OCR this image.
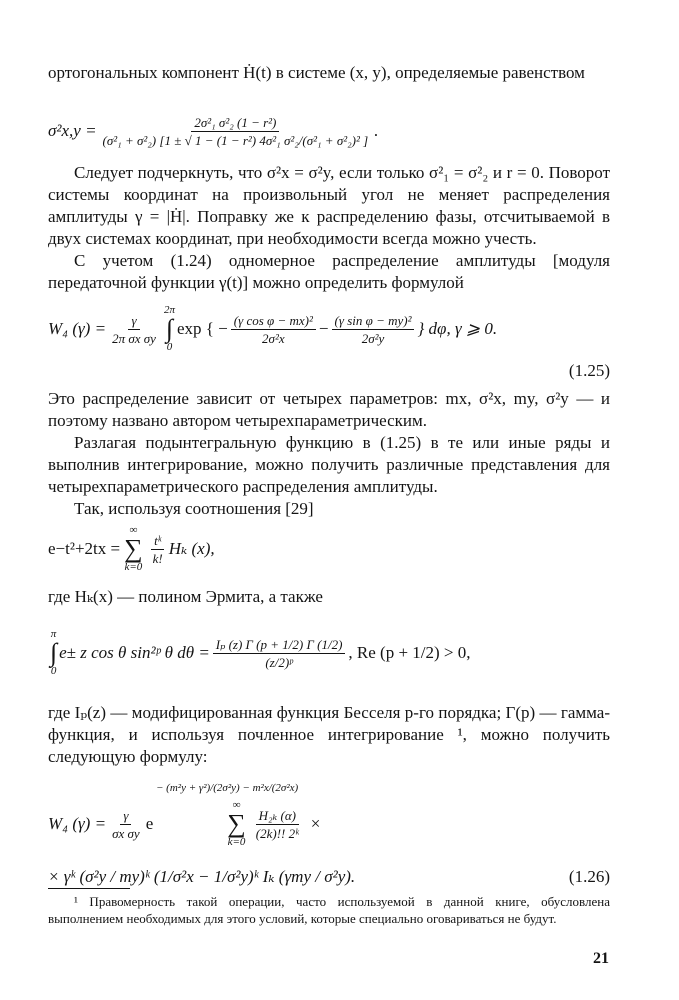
ортогональных компонент Ḣ(t) в системе (x, y), определяемые равенством

$\sigma^2x,y = \frac{\text{2σ²₁ σ²₂ (1 − r²)}}{\text{(σ²₁ + σ²₂) [1 ± √ 1 − (1 − r²) 4σ²₁ σ²₂/(σ²₁ + σ²₂)² ]}}$ .

Следует подчеркнуть, что σ²x = σ²y, если только σ²₁ = σ²₂ и r = 0. Поворот системы координат на произвольный угол не меняет распределения амплитуды γ = |Ḣ|. Поправку же к распределению фазы, отсчитываемой в двух системах координат, при необходимости всегда можно учесть.

С учетом (1.24) одномерное распределение амплитуды [модуля передаточной функции γ(t)] можно определить формулой

W₄ $(\gamma) = \frac{\gamma}{\text{2π σx σy}}$
2π
∫
0
exp { − $\frac{\text{(γ cos φ − mx)²}}{\text{2σ²x}} - \frac{\text{(γ sin φ − my)²}}{\text{2σ²y}}$ } dφ, γ ⩾ 0.
(1.25)

Это распределение зависит от четырех параметров: mx, σ²x, my, σ²y — и поэтому названо автором четырехпараметрическим.

Разлагая подынтегральную функцию в (1.25) в те или иные ряды и выполнив интегрирование, можно получить различные представления для четырехпараметрического распределения амплитуды.

Так, используя соотношения [29]

e−t²+2tx =
∞
∑
k=0
$\frac{\text{tᵏ}}{k!}$ Hₖ (x),

где Hₖ(x) — полином Эрмита, а также

π
∫
0
e± z cos θ sin²ᵖ θ $d\theta = \frac{\text{Iₚ (z) Γ (p + 1/2) Γ (1/2)}}{\text{(z/2)ᵖ}}$ , Re (p + 1/2) > 0,

где Iₚ(z) — модифицированная функция Бесселя p-го порядка; Γ(p) — гамма-функция, и используя почленное интегрирование ¹, можно получить следующую формулу:

− (m²y + γ²)/(2σ²y) − m²x/(2σ²x)
W₄ $(\gamma) = \frac{\gamma}{\text{σx σy}}$ e
∞
∑
k=0
$\frac{\text{H₂ₖ (α)}}{\text{(2k)!! 2ᵏ}}$ ×
× γᵏ (σ²y / my)ᵏ (1/σ²x − 1/σ²y)ᵏ Iₖ (γmy / σ²y).	(1.26)

¹ Правомерность такой операции, часто используемой в данной книге, обусловлена выполнением необходимых для этого условий, которые специально оговариваться не будут.

21
